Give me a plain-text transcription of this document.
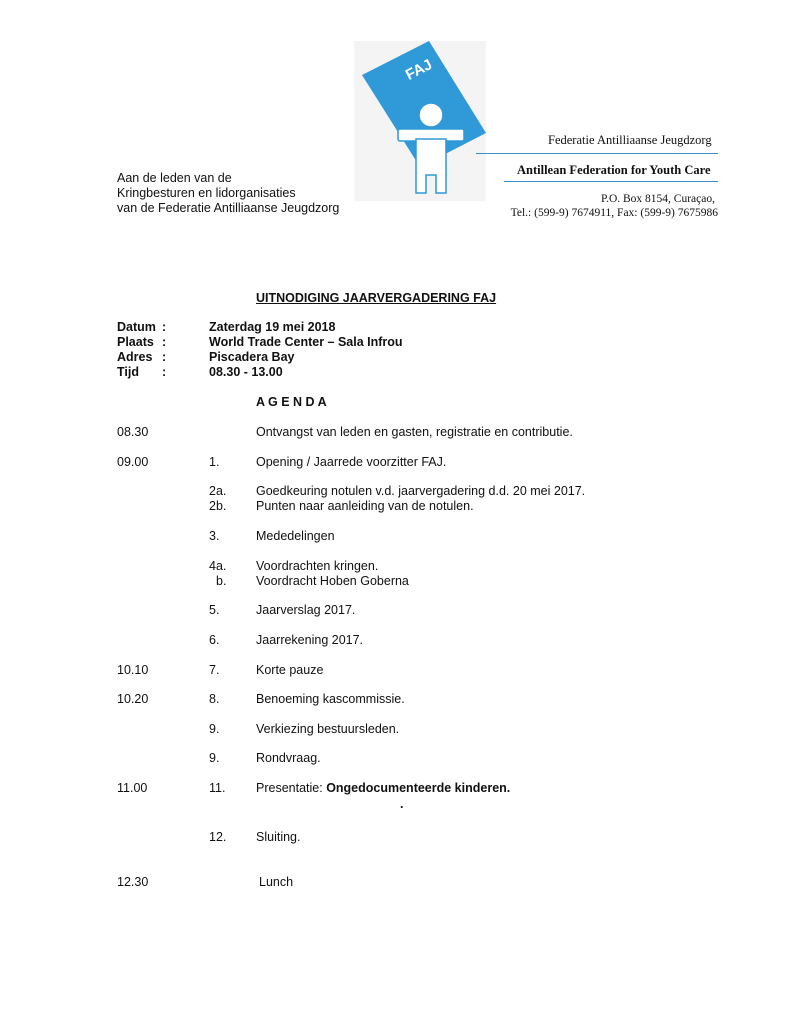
FAJ
Federatie Antilliaanse Jeugdzorg
Antillean Federation for Youth Care
P.O. Box 8154, Curaçao,
Tel.: (599-9) 7674911, Fax: (599-9) 7675986
Aan de leden van de
Kringbesturen en lidorganisaties
van de Federatie Antilliaanse Jeugdzorg
UITNODIGING JAARVERGADERING FAJ
Datum :	Zaterdag 19 mei 2018
Plaats :	World Trade Center – Sala Infrou
Adres :	Piscadera Bay
Tijd :	08.30 - 13.00
A G E N D A
08.30	Ontvangst van leden en gasten, registratie en contributie.
09.00	1.	Opening / Jaarrede voorzitter FAJ.
2a. Goedkeuring notulen v.d. jaarvergadering d.d. 20 mei 2017.
2b. Punten naar aanleiding van de notulen.
3.	Mededelingen
4a. Voordrachten kringen.
b. Voordracht Hoben Goberna
5.	Jaarverslag 2017.
6.	Jaarrekening 2017.
10.10	7.	Korte pauze
10.20	8.	Benoeming kascommissie.
9.	Verkiezing bestuursleden.
9.	Rondvraag.
11.00	11. Presentatie: Ongedocumenteerde kinderen.
.
12. Sluiting.
12.30	Lunch
